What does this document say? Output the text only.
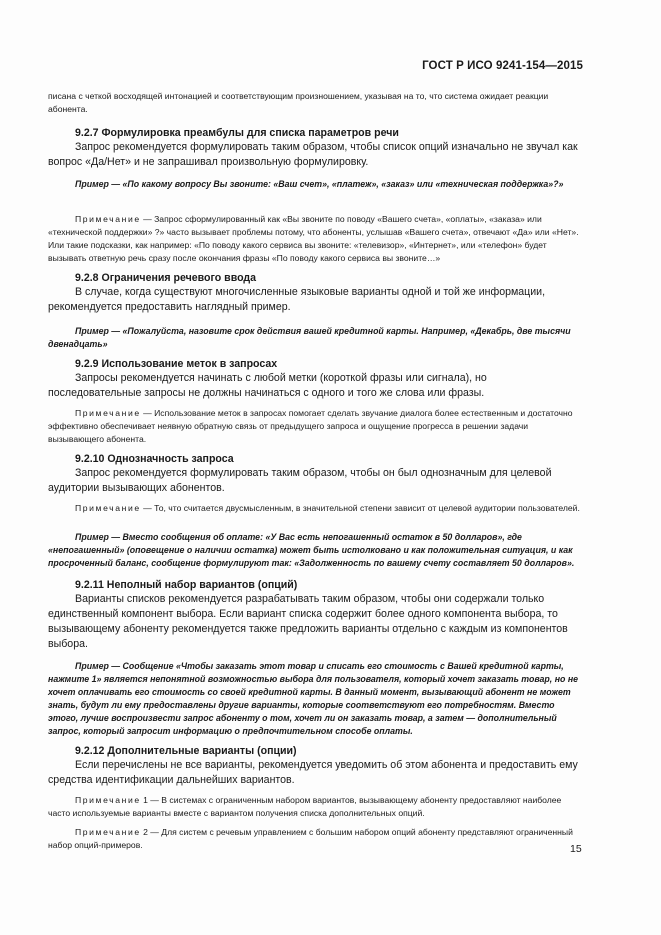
ГОСТ Р ИСО 9241-154—2015

писана с четкой восходящей интонацией и соответствующим произношением, указывая на то, что система ожидает реакции абонента.

9.2.7 Формулировка преамбулы для списка параметров речи

Запрос рекомендуется формулировать таким образом, чтобы список опций изначально не звучал как вопрос «Да/Нет» и не запрашивал произвольную формулировку.

Пример — «По какому вопросу Вы звоните: «Ваш счет», «платеж», «заказ» или «техническая поддержка»?»

Примечание — Запрос сформулированный как «Вы звоните по поводу «Вашего счета», «оплаты», «заказа» или «технической поддержки» ?» часто вызывает проблемы потому, что абоненты, услышав «Вашего счета», отвечают «Да» или «Нет». Или такие подсказки, как например: «По поводу какого сервиса вы звоните: «телевизор», «Интернет», или «телефон» будет вызывать ответную речь сразу после окончания фразы «По поводу какого сервиса вы звоните…»

9.2.8 Ограничения речевого ввода

В случае, когда существуют многочисленные языковые варианты одной и той же информации, рекомендуется предоставить наглядный пример.

Пример — «Пожалуйста, назовите срок действия вашей кредитной карты. Например, «Декабрь, две тысячи двенадцать»

9.2.9 Использование меток в запросах

Запросы рекомендуется начинать с любой метки (короткой фразы или сигнала), но последовательные запросы не должны начинаться с одного и того же слова или фразы.

Примечание — Использование меток в запросах помогает сделать звучание диалога более естественным и достаточно эффективно обеспечивает неявную обратную связь от предыдущего запроса и ощущение прогресса в решении задачи вызывающего абонента.

9.2.10 Однозначность запроса

Запрос рекомендуется формулировать таким образом, чтобы он был однозначным для целевой аудитории вызывающих абонентов.

Примечание — То, что считается двусмысленным, в значительной степени зависит от целевой аудитории пользователей.

Пример — Вместо сообщения об оплате: «У Вас есть непогашенный остаток в 50 долларов», где «непогашенный» (оповещение о наличии остатка) может быть истолковано и как положительная ситуация, и как просроченный баланс, сообщение формулируют так: «Задолженность по вашему счету составляет 50 долларов».

9.2.11 Неполный набор вариантов (опций)

Варианты списков рекомендуется разрабатывать таким образом, чтобы они содержали только единственный компонент выбора. Если вариант списка содержит более одного компонента выбора, то вызывающему абоненту рекомендуется также предложить варианты отдельно с каждым из компонентов выбора.

Пример — Сообщение «Чтобы заказать этот товар и списать его стоимость с Вашей кредитной карты, нажмите 1» является непонятной возможностью выбора для пользователя, который хочет заказать товар, но не хочет оплачивать его стоимость со своей кредитной карты. В данный момент, вызывающий абонент не может знать, будут ли ему предоставлены другие варианты, которые соответствуют его потребностям. Вместо этого, лучше воспроизвести запрос абоненту о том, хочет ли он заказать товар, а затем — дополнительный запрос, который запросит информацию о предпочтительном способе оплаты.

9.2.12 Дополнительные варианты (опции)

Если перечислены не все варианты, рекомендуется уведомить об этом абонента и предоставить ему средства идентификации дальнейших вариантов.

Примечание 1 — В системах с ограниченным набором вариантов, вызывающему абоненту предоставляют наиболее часто используемые варианты вместе с вариантом получения списка дополнительных опций.

Примечание 2 — Для систем с речевым управлением с большим набором опций абоненту представляют ограниченный набор опций-примеров.	15
